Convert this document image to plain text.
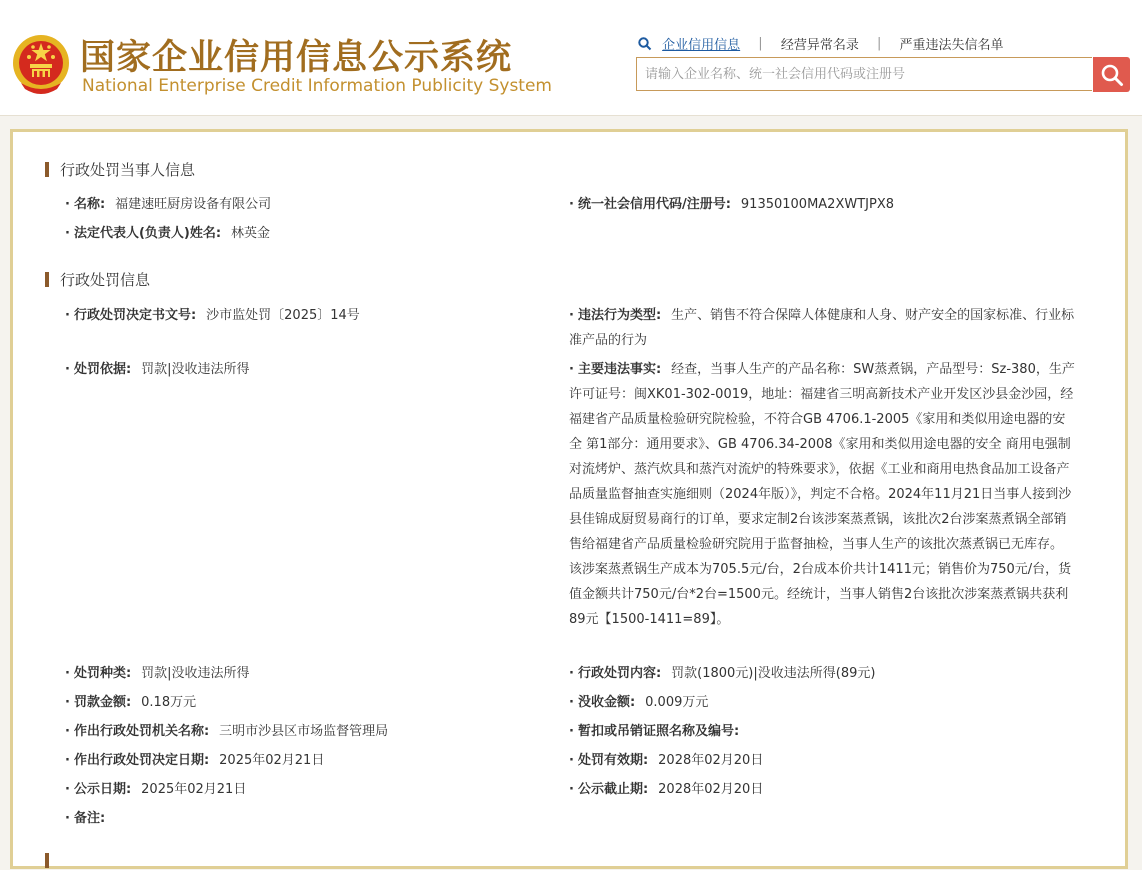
国家企业信用信息公示系统
National Enterprise Credit Information Publicity System
企业信用信息 | 经营异常名录 | 严重违法失信名单
请输入企业名称、统一社会信用代码或注册号
行政处罚当事人信息
· 名称: 福建速旺厨房设备有限公司	· 统一社会信用代码/注册号: 91350100MA2XWTJPX8
· 法定代表人(负责人)姓名: 林英金
行政处罚信息
· 行政处罚决定书文号: 沙市监处罚〔2025〕14号	· 违法行为类型: 生产、销售不符合保障人体健康和人身、财产安全的国家标准、行业标准产品的行为
· 处罚依据: 罚款|没收违法所得	· 主要违法事实: 经查，当事人生产的产品名称：SW蒸煮锅，产品型号：Sz-380，生产许可证号：闽XK01-302-0019，地址：福建省三明高新技术产业开发区沙县金沙园，经福建省产品质量检验研究院检验，不符合GB 4706.1-2005《家用和类似用途电器的安全 第1部分：通用要求》、GB 4706.34-2008《家用和类似用途电器的安全 商用电强制对流烤炉、蒸汽炊具和蒸汽对流炉的特殊要求》，依据《工业和商用电热食品加工设备产品质量监督抽查实施细则（2024年版）》，判定不合格。2024年11月21日当事人接到沙县佳锦成厨贸易商行的订单，要求定制2台该涉案蒸煮锅，该批次2台涉案蒸煮锅全部销售给福建省产品质量检验研究院用于监督抽检，当事人生产的该批次蒸煮锅已无库存。该涉案蒸煮锅生产成本为705.5元/台，2台成本价共计1411元；销售价为750元/台，货值金额共计750元/台*2台=1500元。经统计，当事人销售2台该批次涉案蒸煮锅共获利89元【1500-1411=89】。
· 处罚种类: 罚款|没收违法所得	· 行政处罚内容: 罚款(1800元)|没收违法所得(89元)
· 罚款金额: 0.18万元	· 没收金额: 0.009万元
· 作出行政处罚机关名称: 三明市沙县区市场监督管理局	· 暂扣或吊销证照名称及编号:
· 作出行政处罚决定日期: 2025年02月21日	· 处罚有效期: 2028年02月20日
· 公示日期: 2025年02月21日	· 公示截止期: 2028年02月20日
· 备注:
